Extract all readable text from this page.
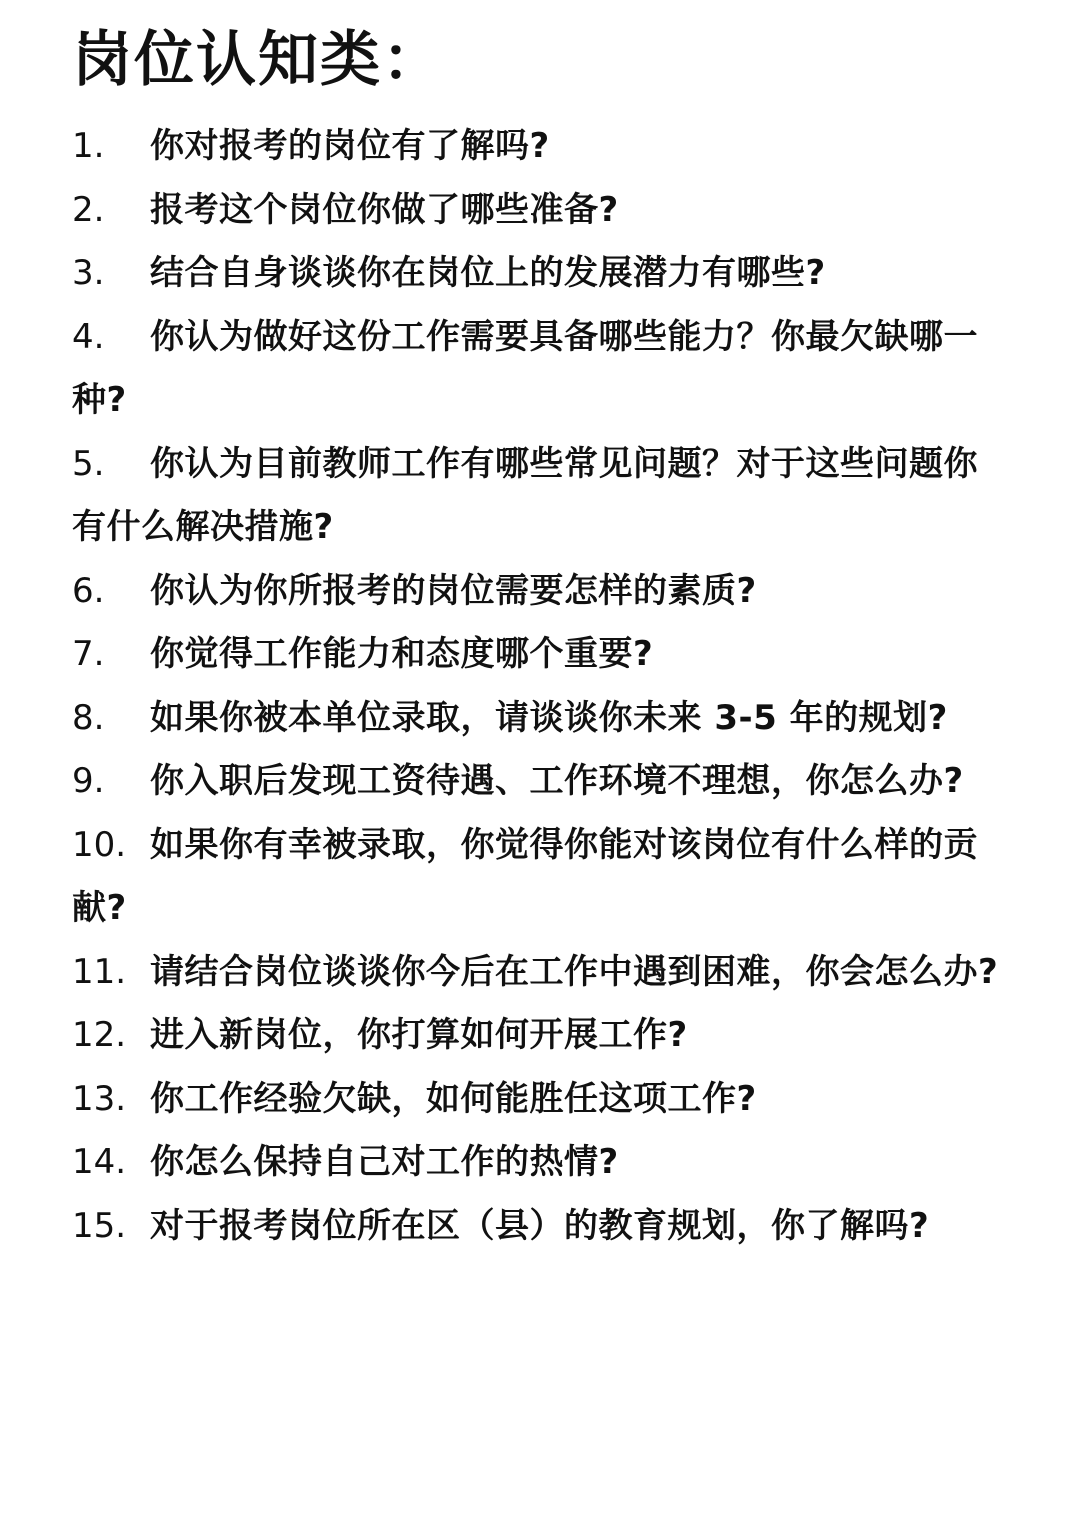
岗位认知类：
1. 你对报考的岗位有了解吗?
2. 报考这个岗位你做了哪些准备?
3. 结合自身谈谈你在岗位上的发展潜力有哪些?
4. 你认为做好这份工作需要具备哪些能力？你最欠缺哪一种?
5. 你认为目前教师工作有哪些常见问题？对于这些问题你有什么解决措施?
6. 你认为你所报考的岗位需要怎样的素质?
7. 你觉得工作能力和态度哪个重要?
8. 如果你被本单位录取，请谈谈你未来 3-5 年的规划?
9. 你入职后发现工资待遇、工作环境不理想，你怎么办?
10. 如果你有幸被录取，你觉得你能对该岗位有什么样的贡献?
11. 请结合岗位谈谈你今后在工作中遇到困难，你会怎么办?
12. 进入新岗位，你打算如何开展工作?
13. 你工作经验欠缺，如何能胜任这项工作?
14. 你怎么保持自己对工作的热情?
15. 对于报考岗位所在区（县）的教育规划，你了解吗?
